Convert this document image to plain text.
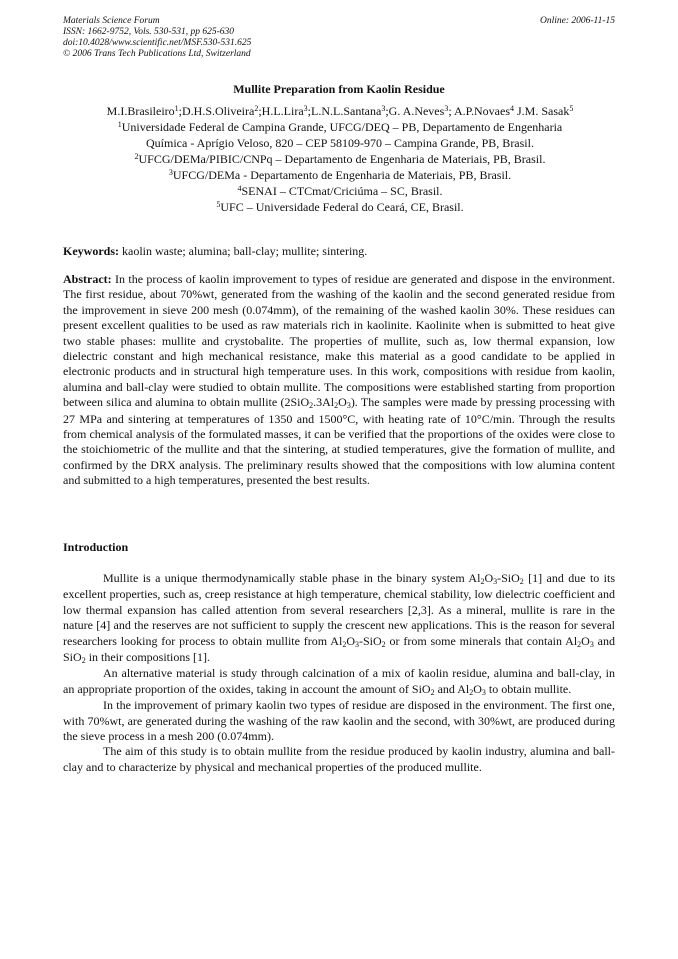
Materials Science Forum
ISSN: 1662-9752, Vols. 530-531, pp 625-630
doi:10.4028/www.scientific.net/MSF.530-531.625
© 2006 Trans Tech Publications Ltd, Switzerland
Online: 2006-11-15
Mullite Preparation from Kaolin Residue
M.I.Brasileiro$^1$;D.H.S.Oliveira$^2$;H.L.Lira$^3$;L.N.L.Santana$^3$;G. A.Neves$^3$; A.P.Novaes$^4$ J.M. Sasak$^5$
$^1$Universidade Federal de Campina Grande, UFCG/DEQ – PB, Departamento de Engenharia
Química - Aprígio Veloso, 820 – CEP 58109-970 – Campina Grande, PB, Brasil.
$^2$UFCG/DEMa/PIBIC/CNPq – Departamento de Engenharia de Materiais, PB, Brasil.
$^3$UFCG/DEMa - Departamento de Engenharia de Materiais, PB, Brasil.
$^4$SENAI – CTCmat/Criciúma – SC, Brasil.
$^5$UFC – Universidade Federal do Ceará, CE, Brasil.
Keywords: kaolin waste; alumina; ball-clay; mullite; sintering.
Abstract: In the process of kaolin improvement to types of residue are generated and dispose in the environment. The first residue, about 70%wt, generated from the washing of the kaolin and the second generated residue from the improvement in sieve 200 mesh (0.074mm), of the remaining of the washed kaolin 30%. These residues can present excellent qualities to be used as raw materials rich in kaolinite. Kaolinite when is submitted to heat give two stable phases: mullite and crystobalite. The properties of mullite, such as, low thermal expansion, low dielectric constant and high mechanical resistance, make this material as a good candidate to be applied in electronic products and in structural high temperature uses. In this work, compositions with residue from kaolin, alumina and ball-clay were studied to obtain mullite. The compositions were established starting from proportion between silica and alumina to obtain mullite $(2SiO_2.3Al_2O_3)$. The samples were made by pressing processing with 27 MPa and sintering at temperatures of 1350 and 1500°C, with heating rate of 10°C/min. Through the results from chemical analysis of the formulated masses, it can be verified that the proportions of the oxides were close to the stoichiometric of the mullite and that the sintering, at studied temperatures, give the formation of mullite, and confirmed by the DRX analysis. The preliminary results showed that the compositions with low alumina content and submitted to a high temperatures, presented the best results.
Introduction

Mullite is a unique thermodynamically stable phase in the binary system $Al_2O_3-SiO_2$ [1] and due to its excellent properties, such as, creep resistance at high temperature, chemical stability, low dielectric coefficient and low thermal expansion has called attention from several researchers [2,3]. As a mineral, mullite is rare in the nature [4] and the reserves are not sufficient to supply the crescent new applications. This is the reason for several researchers looking for process to obtain mullite from $Al_2O_3-SiO_2$ or from some minerals that contain $Al_2O_3$ and SiO$_2$ in their compositions [1].

An alternative material is study through calcination of a mix of kaolin residue, alumina and ball-clay, in an appropriate proportion of the oxides, taking in account the amount of SiO$_2$ and $Al_2O_3$ to obtain mullite.

In the improvement of primary kaolin two types of residue are disposed in the environment. The first one, with 70%wt, are generated during the washing of the raw kaolin and the second, with 30%wt, are produced during the sieve process in a mesh 200 (0.074mm).

The aim of this study is to obtain mullite from the residue produced by kaolin industry, alumina and ball-clay and to characterize by physical and mechanical properties of the produced mullite.
